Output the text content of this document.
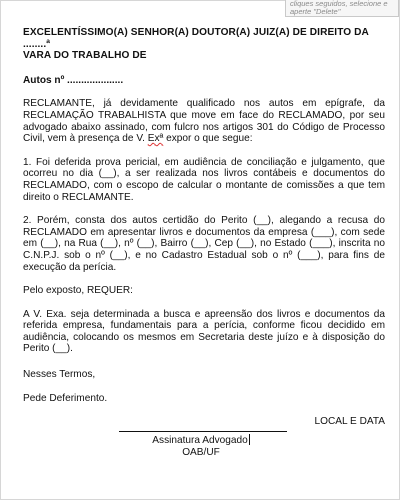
cliques seguidos, selecione e
aperte "Delete"

EXCELENTÍSSIMO(A) SENHOR(A) DOUTOR(A) JUIZ(A) DE DIREITO DA ........ª
VARA DO TRABALHO DE

Autos nº ....................

RECLAMANTE, já devidamente qualificado nos autos em epígrafe, da RECLAMAÇÃO TRABALHISTA que move em face do RECLAMADO, por seu advogado abaixo assinado, com fulcro nos artigos 301 do Código de Processo Civil, vem à presença de V. Exª expor o que segue:

1. Foi deferida prova pericial, em audiência de conciliação e julgamento, que ocorreu no dia (__), a ser realizada nos livros contábeis e documentos do RECLAMADO, com o escopo de calcular o montante de comissões a que tem direito o RECLAMANTE.

2. Porém, consta dos autos certidão do Perito (__), alegando a recusa do RECLAMADO em apresentar livros e documentos da empresa (___), com sede em (__), na Rua (__), nº (__), Bairro (__), Cep (__), no Estado (___), inscrita no C.N.P.J. sob o nº (__), e no Cadastro Estadual sob o nº (___), para fins de execução da perícia.

Pelo exposto, REQUER:

A V. Exa. seja determinada a busca e apreensão dos livros e documentos da referida empresa, fundamentais para a perícia, conforme ficou decidido em audiência, colocando os mesmos em Secretaria deste juízo e à disposição do Perito (__).

Nesses Termos,

Pede Deferimento.

LOCAL E DATA

Assinatura Advogado
OAB/UF
